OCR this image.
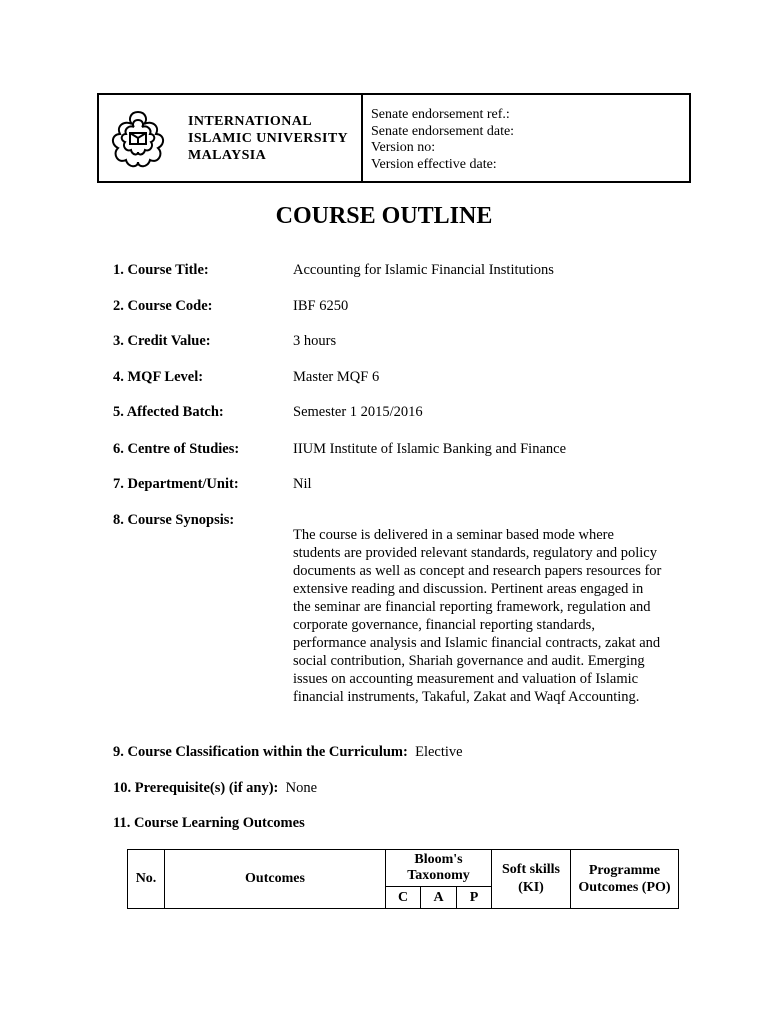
INTERNATIONAL
ISLAMIC UNIVERSITY
MALAYSIA
Senate endorsement ref.:
Senate endorsement date:
Version no:
Version effective date:
COURSE OUTLINE
1. Course Title:	Accounting for Islamic Financial Institutions
2. Course Code:	IBF 6250
3. Credit Value:	3 hours
4. MQF Level:	Master MQF 6
5. Affected Batch:	Semester 1 2015/2016
6. Centre of Studies:	IIUM Institute of Islamic Banking and Finance
7. Department/Unit:	Nil
8. Course Synopsis:
The course is delivered in a seminar based mode where students are provided relevant standards, regulatory and policy documents as well as concept and research papers resources for extensive reading and discussion. Pertinent areas engaged in the seminar are financial reporting framework, regulation and corporate governance, financial reporting standards, performance analysis and Islamic financial contracts, zakat and social contribution, Shariah governance and audit. Emerging issues on accounting measurement and valuation of Islamic financial instruments, Takaful, Zakat and Waqf Accounting.
9. Course Classification within the Curriculum: Elective
10. Prerequisite(s) (if any): None
11. Course Learning Outcomes
No.	Outcomes	Bloom's Taxonomy			Soft skills (KI)	Programme Outcomes (PO)
		C	A	P		
